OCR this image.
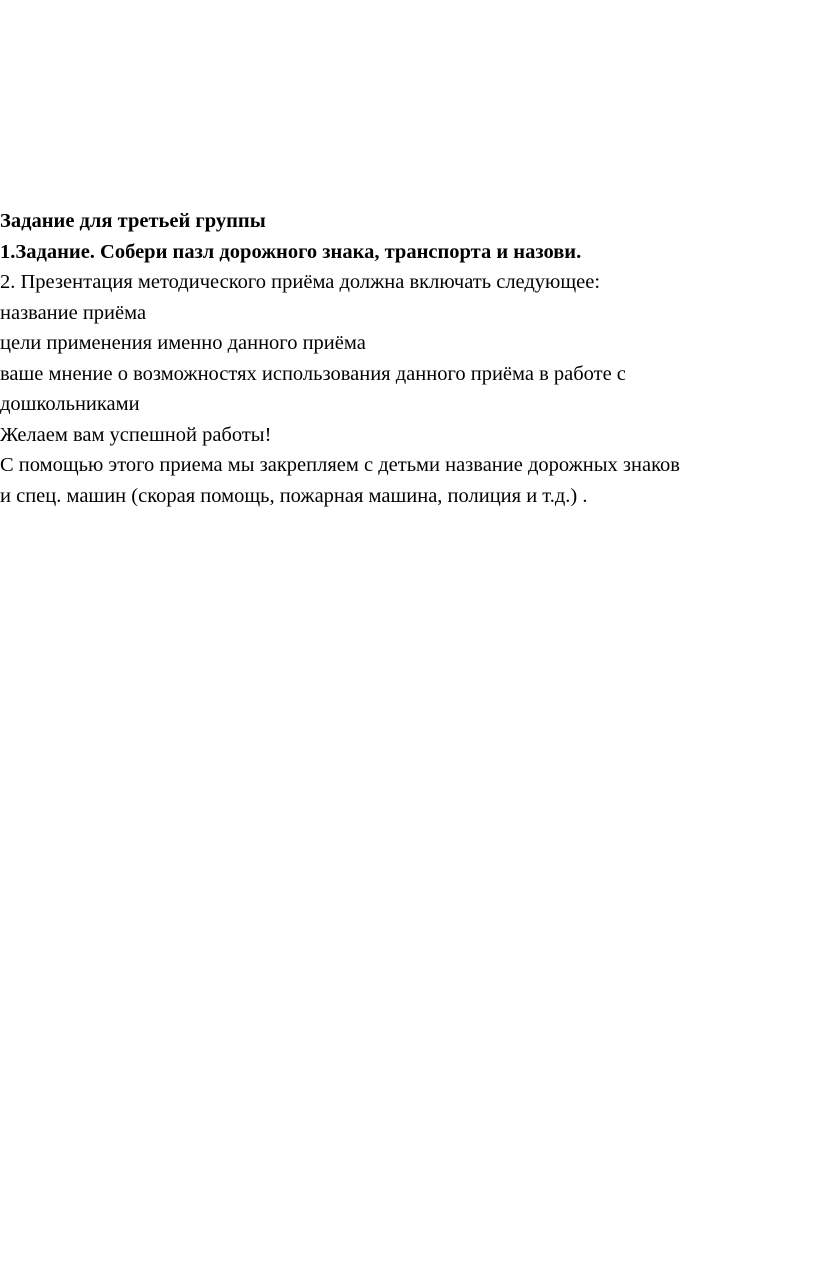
Задание для третьей группы
1.Задание. Собери пазл дорожного знака, транспорта и назови.
2. Презентация методического приёма должна включать следующее:
название приёма
цели применения именно данного приёма
ваше мнение о возможностях использования данного приёма в работе с
дошкольниками
Желаем вам успешной работы!
С помощью этого приема мы закрепляем с детьми название дорожных знаков
и спец. машин (скорая помощь, пожарная машина, полиция и т.д.) .
